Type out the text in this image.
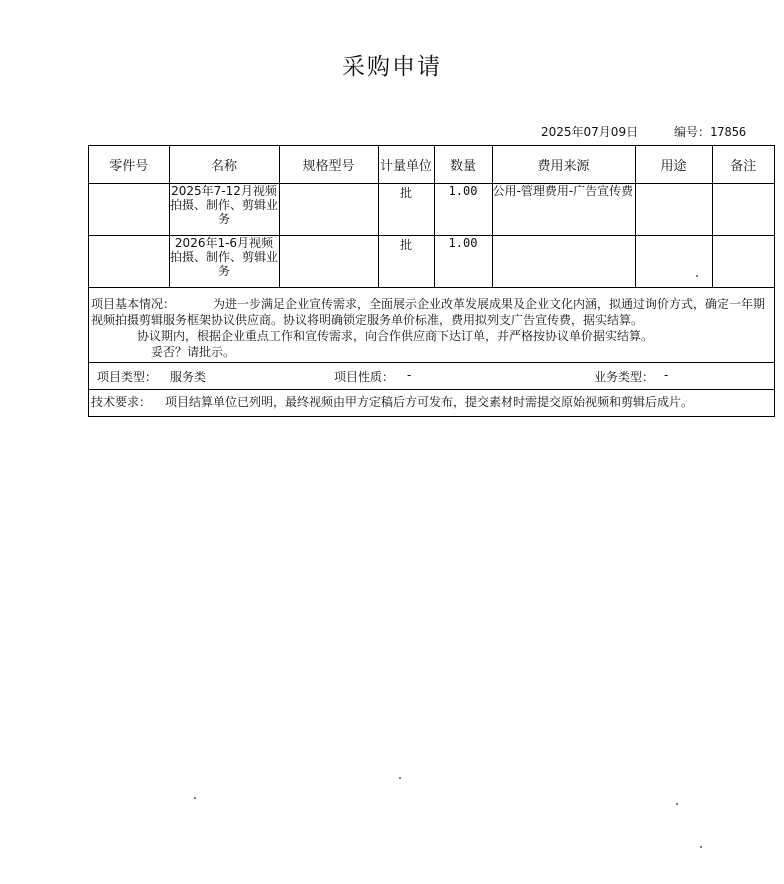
采购申请
2025年07月09日	编号：17856
零件号	名称	规格型号	计量单位	数量	费用来源	用途	备注
	2025年7-12月视频拍摄、制作、剪辑业务		批	1.00	公用-管理费用-广告宣传费		
	2026年1-6月视频拍摄、制作、剪辑业务		批	1.00			
项目基本情况：	为进一步满足企业宣传需求，全面展示企业改革发展成果及企业文化内涵，拟通过询价方式，确定一年期视频拍摄剪辑服务框架协议供应商。协议将明确锁定服务单价标准，费用拟列支广告宣传费，据实结算。
协议期内，根据企业重点工作和宣传需求，向合作供应商下达订单，并严格按协议单价据实结算。
妥否？请批示。
项目类型： 服务类	项目性质： -	业务类型： -
技术要求： 项目结算单位已列明，最终视频由甲方定稿后方可发布，提交素材时需提交原始视频和剪辑后成片。
